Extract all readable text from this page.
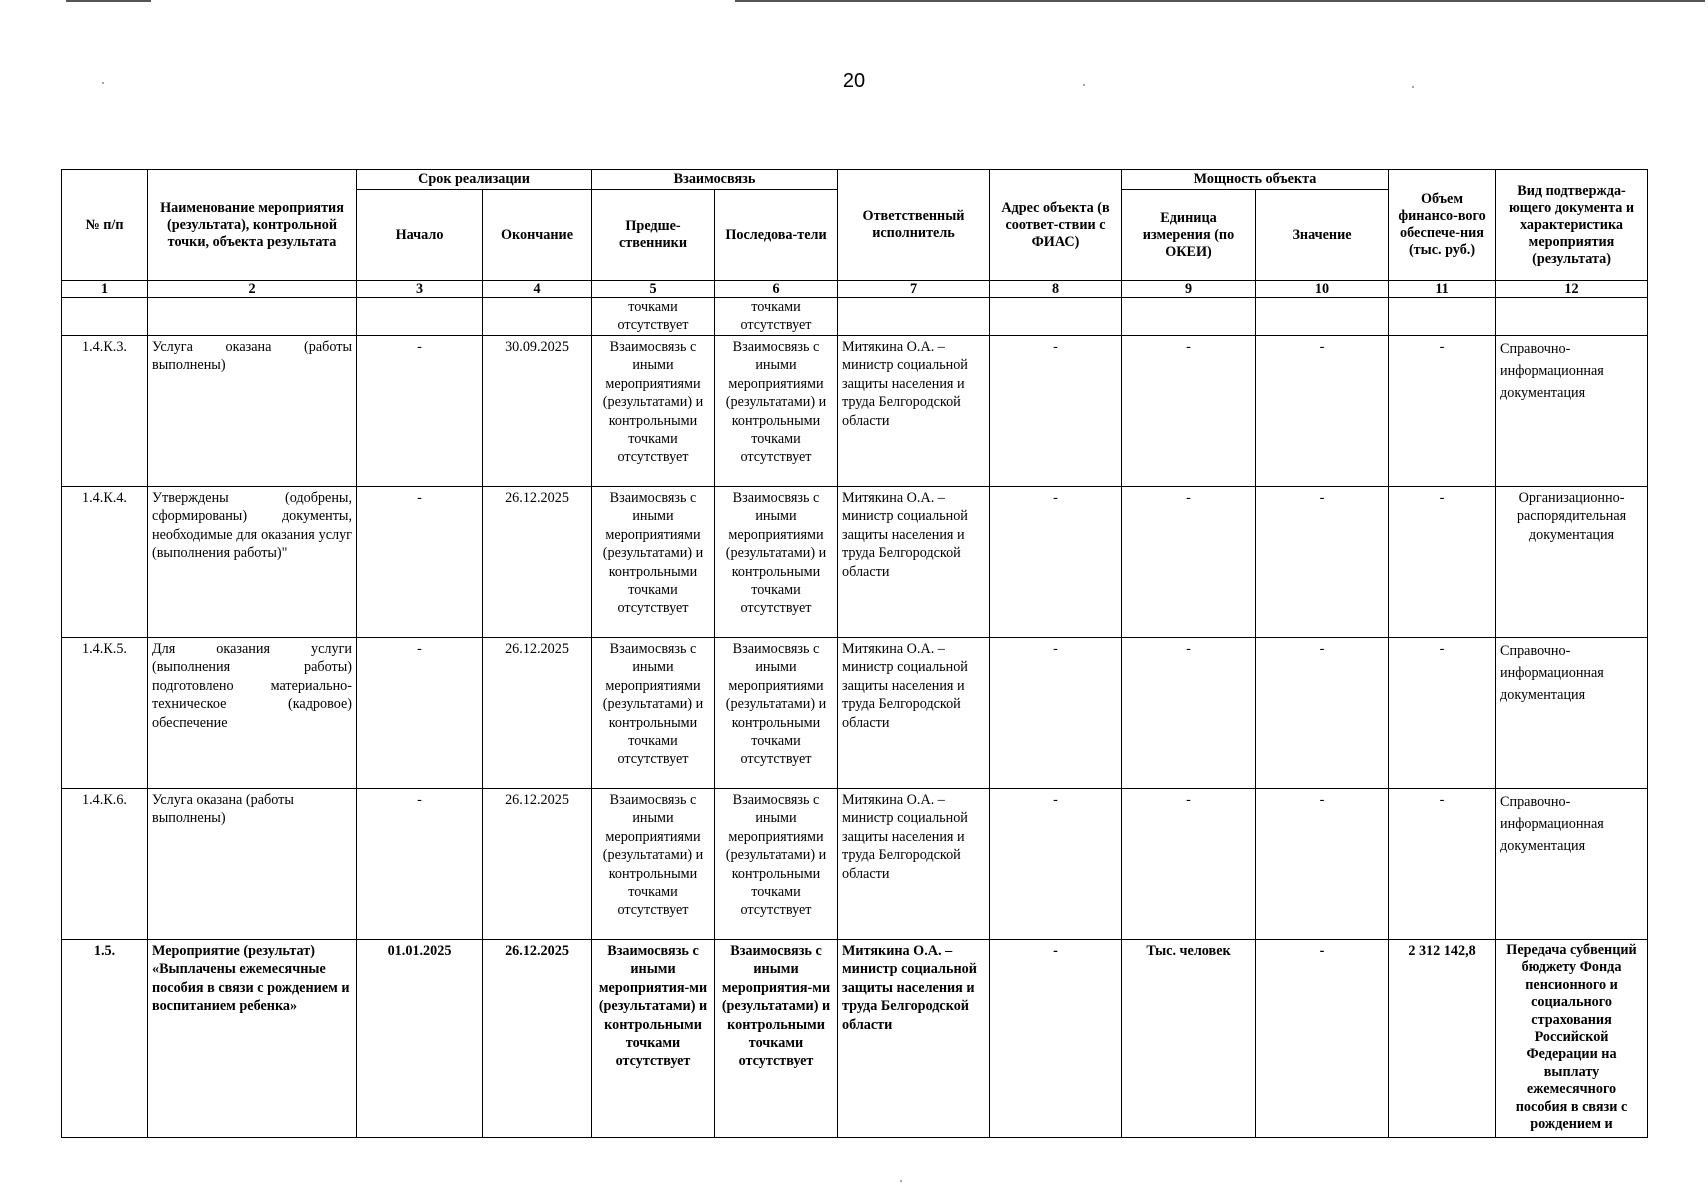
20
№ п/п	Наименование мероприятия (результата), контрольной точки, объекта результата	Срок реализации		Взаимосвязь		Ответственный исполнитель	Адрес объекта (в соответ-ствии с ФИАС)	Мощность объекта		Объем финансо-вого обеспече-ния (тыс. руб.)	Вид подтвержда-ющего документа и характеристика мероприятия (результата)
		Начало	Окончание	Предше-ственники	Последова-тели			Единица измерения (по ОКЕИ)	Значение		
1	2	3	4	5	6	7	8	9	10	11	12
				точками отсутствует	точками отсутствует						
1.4.К.3.	Услуга оказана (работы выполнены)	-	30.09.2025	Взаимосвязь с иными мероприятиями (результатами) и контрольными точками отсутствует	Взаимосвязь с иными мероприятиями (результатами) и контрольными точками отсутствует	Митякина О.А. – министр социальной защиты населения и труда Белгородской области	-	-	-	-	Справочно-информационная документация
1.4.К.4.	Утверждены (одобрены, сформированы) документы, необходимые для оказания услуг (выполнения работы)"	-	26.12.2025	Взаимосвязь с иными мероприятиями (результатами) и контрольными точками отсутствует	Взаимосвязь с иными мероприятиями (результатами) и контрольными точками отсутствует	Митякина О.А. – министр социальной защиты населения и труда Белгородской области	-	-	-	-	Организационно-распорядительная документация
1.4.К.5.	Для оказания услуги (выполнения работы) подготовлено материально-техническое (кадровое) обеспечение	-	26.12.2025	Взаимосвязь с иными мероприятиями (результатами) и контрольными точками отсутствует	Взаимосвязь с иными мероприятиями (результатами) и контрольными точками отсутствует	Митякина О.А. – министр социальной защиты населения и труда Белгородской области	-	-	-	-	Справочно-информационная документация
1.4.К.6.	Услуга оказана (работы выполнены)	-	26.12.2025	Взаимосвязь с иными мероприятиями (результатами) и контрольными точками отсутствует	Взаимосвязь с иными мероприятиями (результатами) и контрольными точками отсутствует	Митякина О.А. – министр социальной защиты населения и труда Белгородской области	-	-	-	-	Справочно-информационная документация
1.5.	Мероприятие (результат) «Выплачены ежемесячные пособия в связи с рождением и воспитанием ребенка»	01.01.2025	26.12.2025	Взаимосвязь с иными мероприятия-ми (результатами) и контрольными точками отсутствует	Взаимосвязь с иными мероприятия-ми (результатами) и контрольными точками отсутствует	Митякина О.А. – министр социальной защиты населения и труда Белгородской области	-	Тыс. человек	-	2 312 142,8	Передача субвенций бюджету Фонда пенсионного и социального страхования Российской Федерации на выплату ежемесячного пособия в связи с рождением и
